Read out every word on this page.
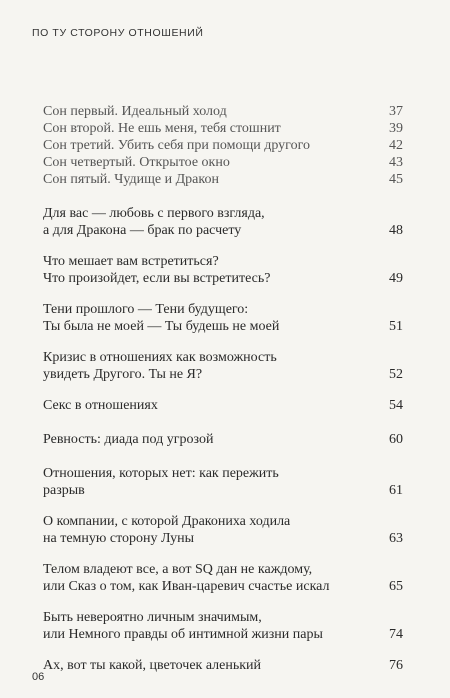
ПО ТУ СТОРОНУ ОТНОШЕНИЙ
Сон первый. Идеальный холод	37
Сон второй. Не ешь меня, тебя стошнит	39
Сон третий. Убить себя при помощи другого	42
Сон четвертый. Открытое окно	43
Сон пятый. Чудище и Дракон	45
Для вас — любовь с первого взгляда,
а для Дракона — брак по расчету	48
Что мешает вам встретиться?
Что произойдет, если вы встретитесь?	49
Тени прошлого — Тени будущего:
Ты была не моей — Ты будешь не моей	51
Кризис в отношениях как возможность
увидеть Другого. Ты не Я?	52
Секс в отношениях	54
Ревность: диада под угрозой	60
Отношения, которых нет: как пережить
разрыв	61
О компании, с которой Дракониха ходила
на темную сторону Луны	63
Телом владеют все, а вот SQ дан не каждому,
или Сказ о том, как Иван-царевич счастье искал	65
Быть невероятно личным значимым,
или Немного правды об интимной жизни пары	74
Ах, вот ты какой, цветочек аленький	76
06
